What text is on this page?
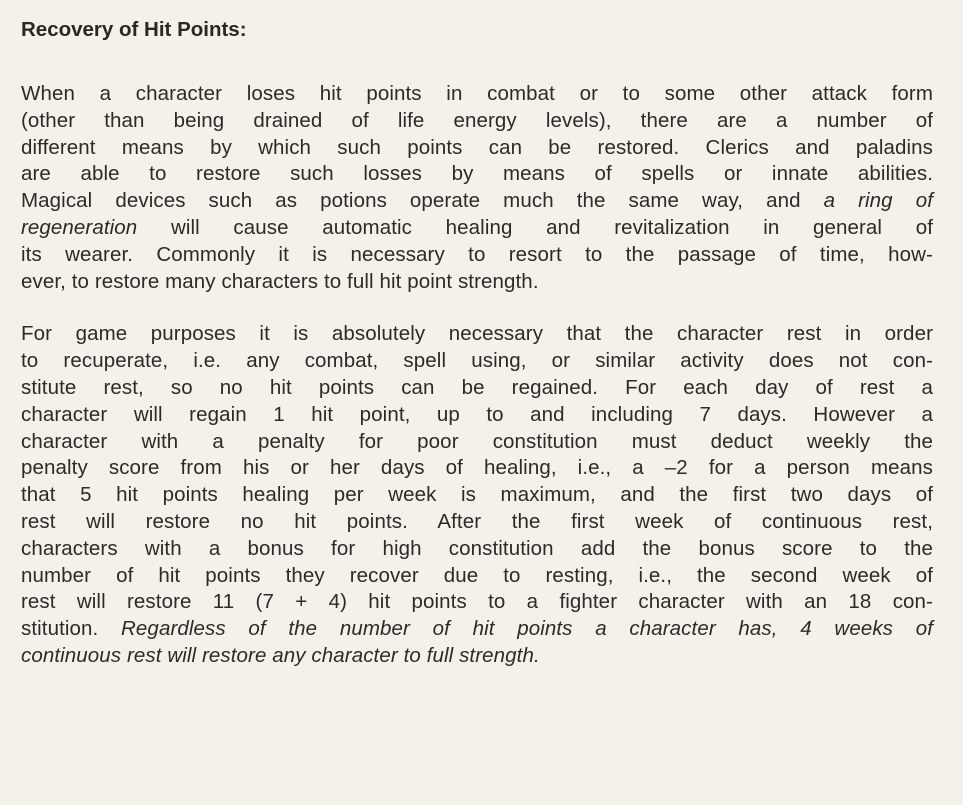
Recovery of Hit Points:

When a character loses hit points in combat or to some other attack form
(other than being drained of life energy levels), there are a number of
different means by which such points can be restored. Clerics and paladins
are able to restore such losses by means of spells or innate abilities.
Magical devices such as potions operate much the same way, and a ring of
regeneration will cause automatic healing and revitalization in general of
its wearer. Commonly it is necessary to resort to the passage of time, how-
ever, to restore many characters to full hit point strength.

For game purposes it is absolutely necessary that the character rest in order
to recuperate, i.e. any combat, spell using, or similar activity does not con-
stitute rest, so no hit points can be regained. For each day of rest a
character will regain 1 hit point, up to and including 7 days. However a
character with a penalty for poor constitution must deduct weekly the
penalty score from his or her days of healing, i.e., a –2 for a person means
that 5 hit points healing per week is maximum, and the first two days of
rest will restore no hit points. After the first week of continuous rest,
characters with a bonus for high constitution add the bonus score to the
number of hit points they recover due to resting, i.e., the second week of
rest will restore 11 (7 + 4) hit points to a fighter character with an 18 con-
stitution. Regardless of the number of hit points a character has, 4 weeks of
continuous rest will restore any character to full strength.
